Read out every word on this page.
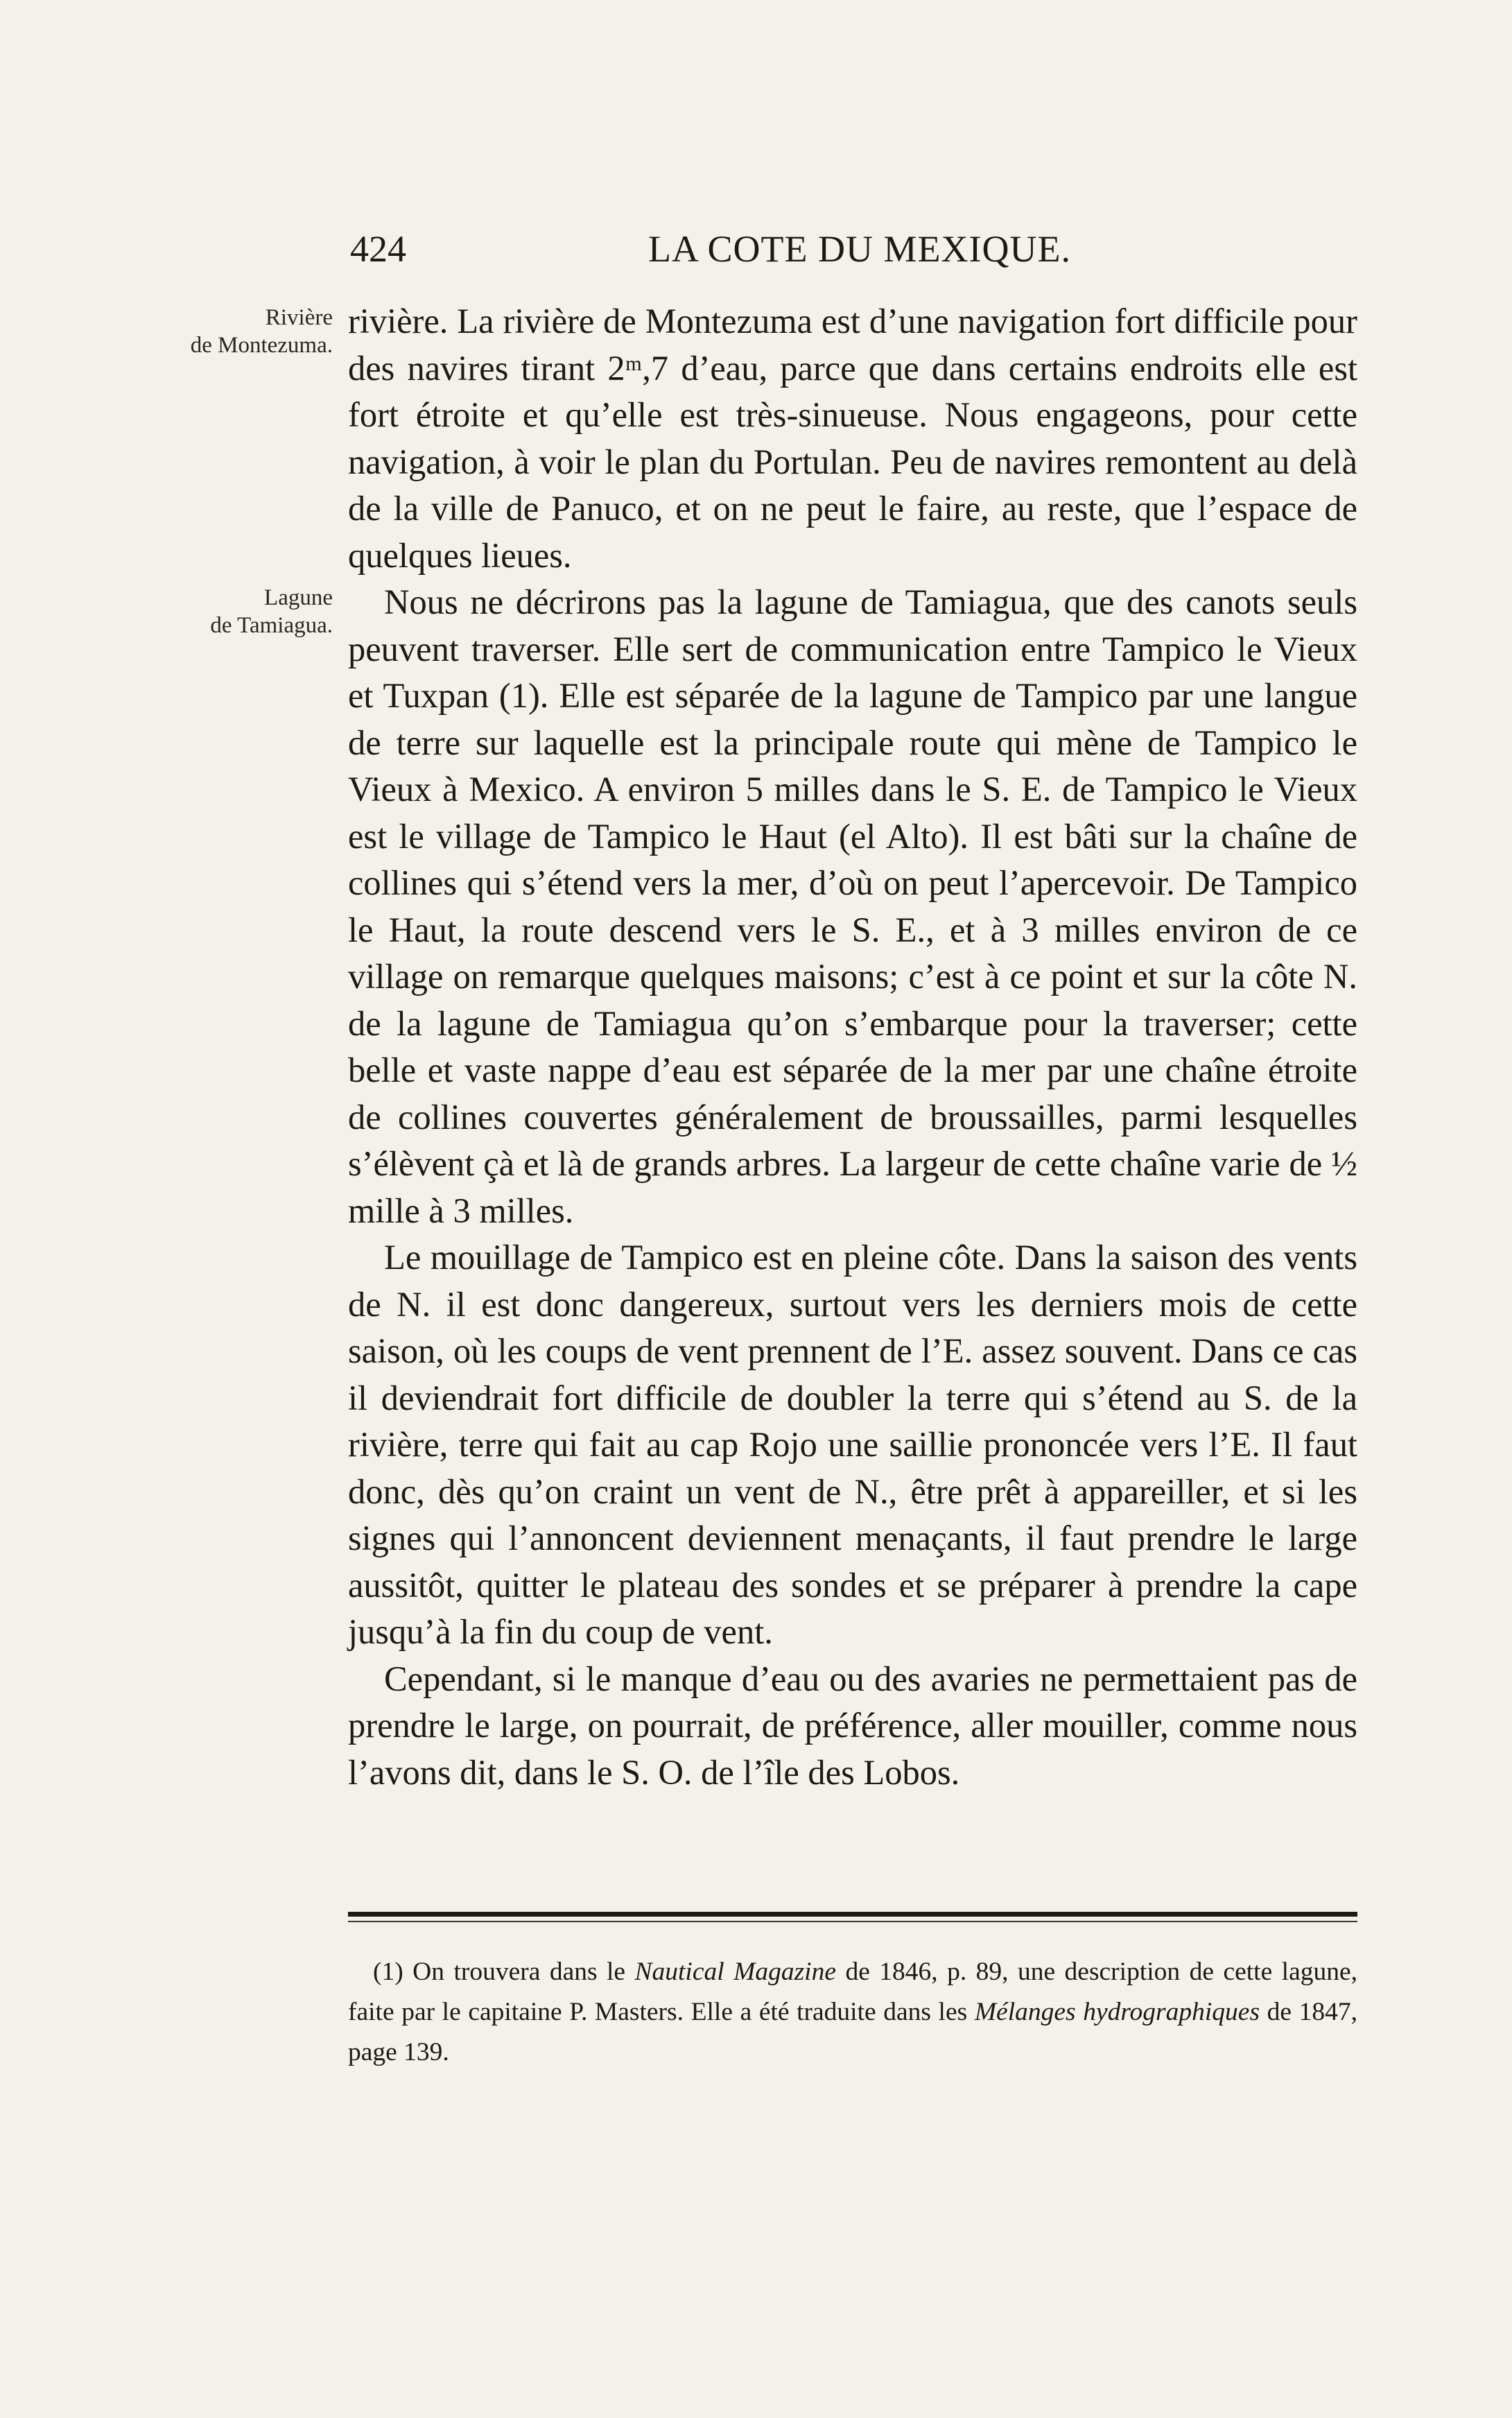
424	LA COTE DU MEXIQUE.
Rivière
de Montezuma.
Lagune
de Tamiagua.

rivière. La rivière de Montezuma est d’une navigation fort difficile pour des navires tirant 2ᵐ,7 d’eau, parce que dans certains endroits elle est fort étroite et qu’elle est très-sinueuse. Nous engageons, pour cette navigation, à voir le plan du Portulan. Peu de navires remontent au delà de la ville de Panuco, et on ne peut le faire, au reste, que l’espace de quelques lieues.

Nous ne décrirons pas la lagune de Tamiagua, que des canots seuls peuvent traverser. Elle sert de communication entre Tampico le Vieux et Tuxpan (1). Elle est séparée de la lagune de Tampico par une langue de terre sur laquelle est la principale route qui mène de Tampico le Vieux à Mexico. A environ 5 milles dans le S. E. de Tampico le Vieux est le village de Tampico le Haut (el Alto). Il est bâti sur la chaîne de collines qui s’étend vers la mer, d’où on peut l’apercevoir. De Tampico le Haut, la route descend vers le S. E., et à 3 milles environ de ce village on remarque quelques maisons; c’est à ce point et sur la côte N. de la lagune de Tamiagua qu’on s’embarque pour la traverser; cette belle et vaste nappe d’eau est séparée de la mer par une chaîne étroite de collines couvertes généralement de broussailles, parmi lesquelles s’élèvent çà et là de grands arbres. La largeur de cette chaîne varie de ½ mille à 3 milles.

Le mouillage de Tampico est en pleine côte. Dans la saison des vents de N. il est donc dangereux, surtout vers les derniers mois de cette saison, où les coups de vent prennent de l’E. assez souvent. Dans ce cas il deviendrait fort difficile de doubler la terre qui s’étend au S. de la rivière, terre qui fait au cap Rojo une saillie prononcée vers l’E. Il faut donc, dès qu’on craint un vent de N., être prêt à appareiller, et si les signes qui l’annoncent deviennent menaçants, il faut prendre le large aussitôt, quitter le plateau des sondes et se préparer à prendre la cape jusqu’à la fin du coup de vent.

Cependant, si le manque d’eau ou des avaries ne permettaient pas de prendre le large, on pourrait, de préférence, aller mouiller, comme nous l’avons dit, dans le S. O. de l’île des Lobos.

(1) On trouvera dans le Nautical Magazine de 1846, p. 89, une description de cette lagune, faite par le capitaine P. Masters. Elle a été traduite dans les Mélanges hydrographiques de 1847, page 139.
